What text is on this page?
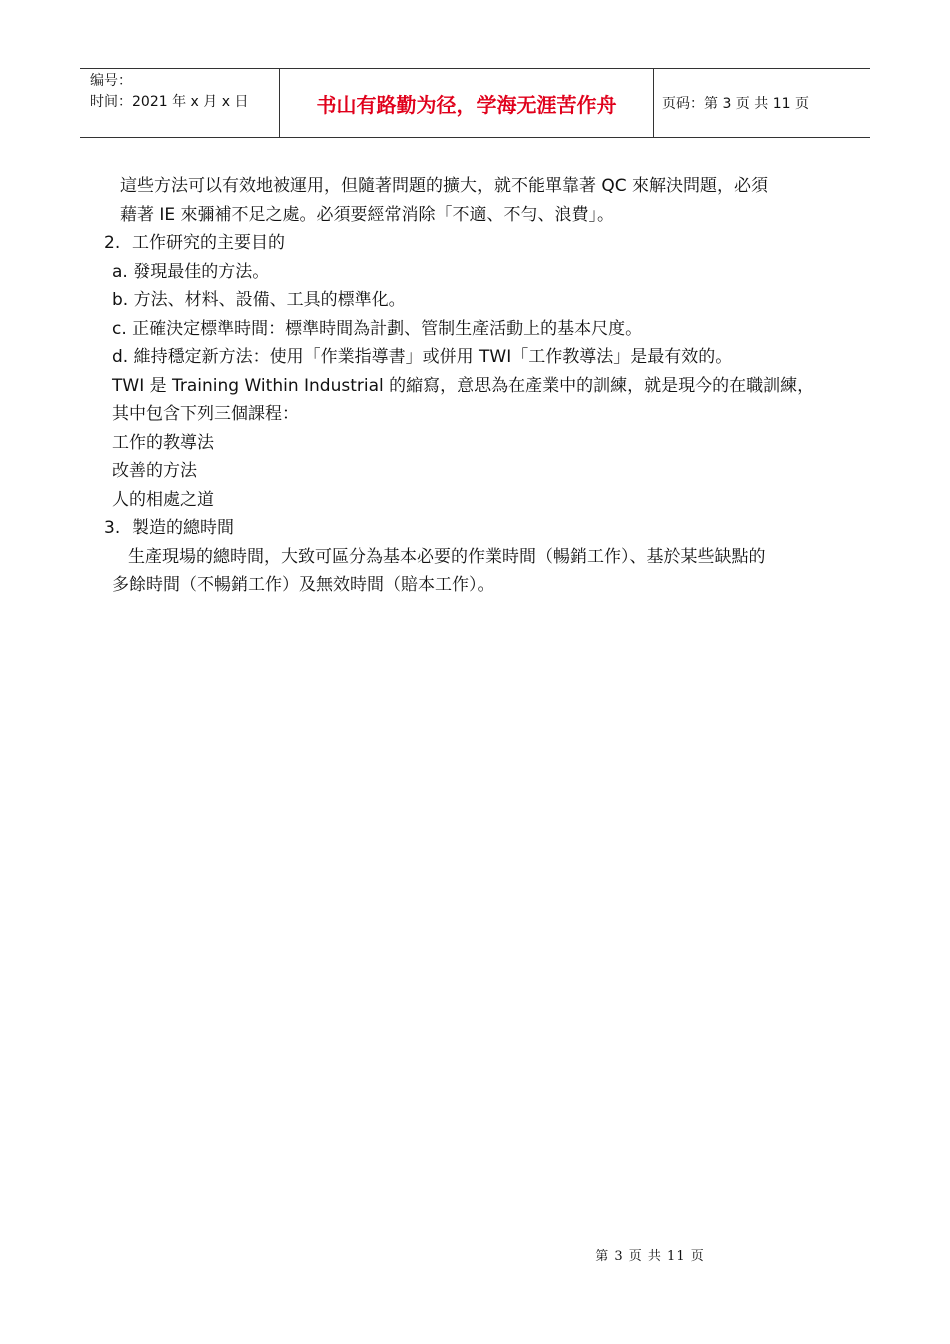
编号：
时间：2021 年 x 月 x 日	书山有路勤为径，学海无涯苦作舟	页码：第 3 页 共 11 页
這些方法可以有效地被運用，但隨著問題的擴大，就不能單靠著 QC 來解決問題，必須
藉著 IE 來彌補不足之處。必須要經常消除「不適、不勻、浪費」。
2. 工作研究的主要目的
a. 發現最佳的方法。
b. 方法、材料、設備、工具的標準化。
c. 正確決定標準時間：標準時間為計劃、管制生產活動上的基本尺度。
d. 維持穩定新方法：使用「作業指導書」或併用 TWI「工作教導法」是最有效的。
TWI 是 Training Within Industrial 的縮寫，意思為在產業中的訓練，就是現今的在職訓練，
其中包含下列三個課程：
工作的教導法
改善的方法
人的相處之道
3. 製造的總時間
生產現場的總時間，大致可區分為基本必要的作業時間（暢銷工作）、基於某些缺點的
多餘時間（不暢銷工作）及無效時間（賠本工作）。
第 3 页 共 11 页
